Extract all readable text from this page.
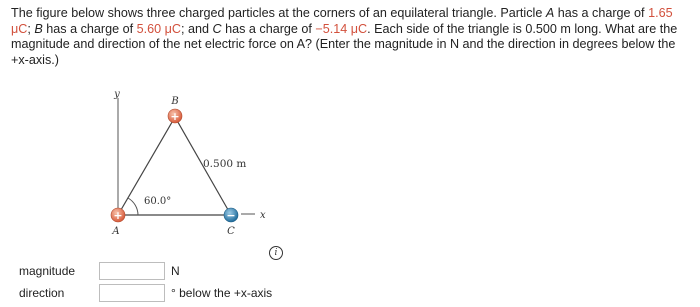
The figure below shows three charged particles at the corners of an equilateral triangle. Particle A has a charge of 1.65 μC; B has a charge of 5.60 μC; and C has a charge of −5.14 μC. Each side of the triangle is 0.500 m long. What are the magnitude and direction of the net electric force on A? (Enter the magnitude in N and the direction in degrees below the +x-axis.)
y
x
60.0°
0.500 m
+
B
+
A
−
C
i
magnitude	N
direction	° below the +x-axis
